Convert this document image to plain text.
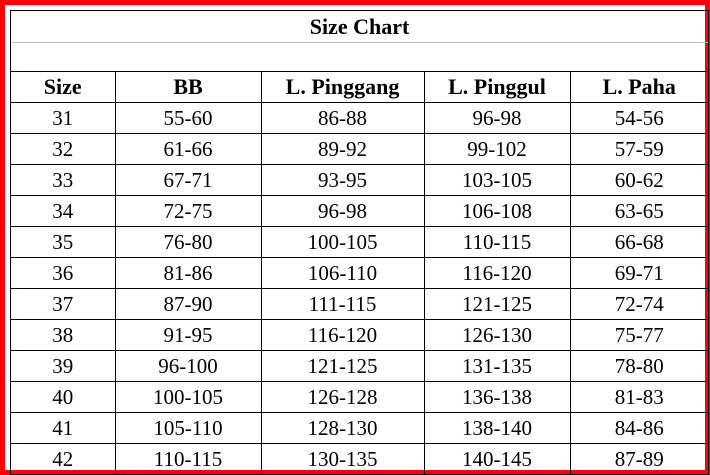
Size Chart
Size	BB	L. Pinggang	L. Pinggul	L. Paha
31	55-60	86-88	96-98	54-56
32	61-66	89-92	99-102	57-59
33	67-71	93-95	103-105	60-62
34	72-75	96-98	106-108	63-65
35	76-80	100-105	110-115	66-68
36	81-86	106-110	116-120	69-71
37	87-90	111-115	121-125	72-74
38	91-95	116-120	126-130	75-77
39	96-100	121-125	131-135	78-80
40	100-105	126-128	136-138	81-83
41	105-110	128-130	138-140	84-86
42	110-115	130-135	140-145	87-89
